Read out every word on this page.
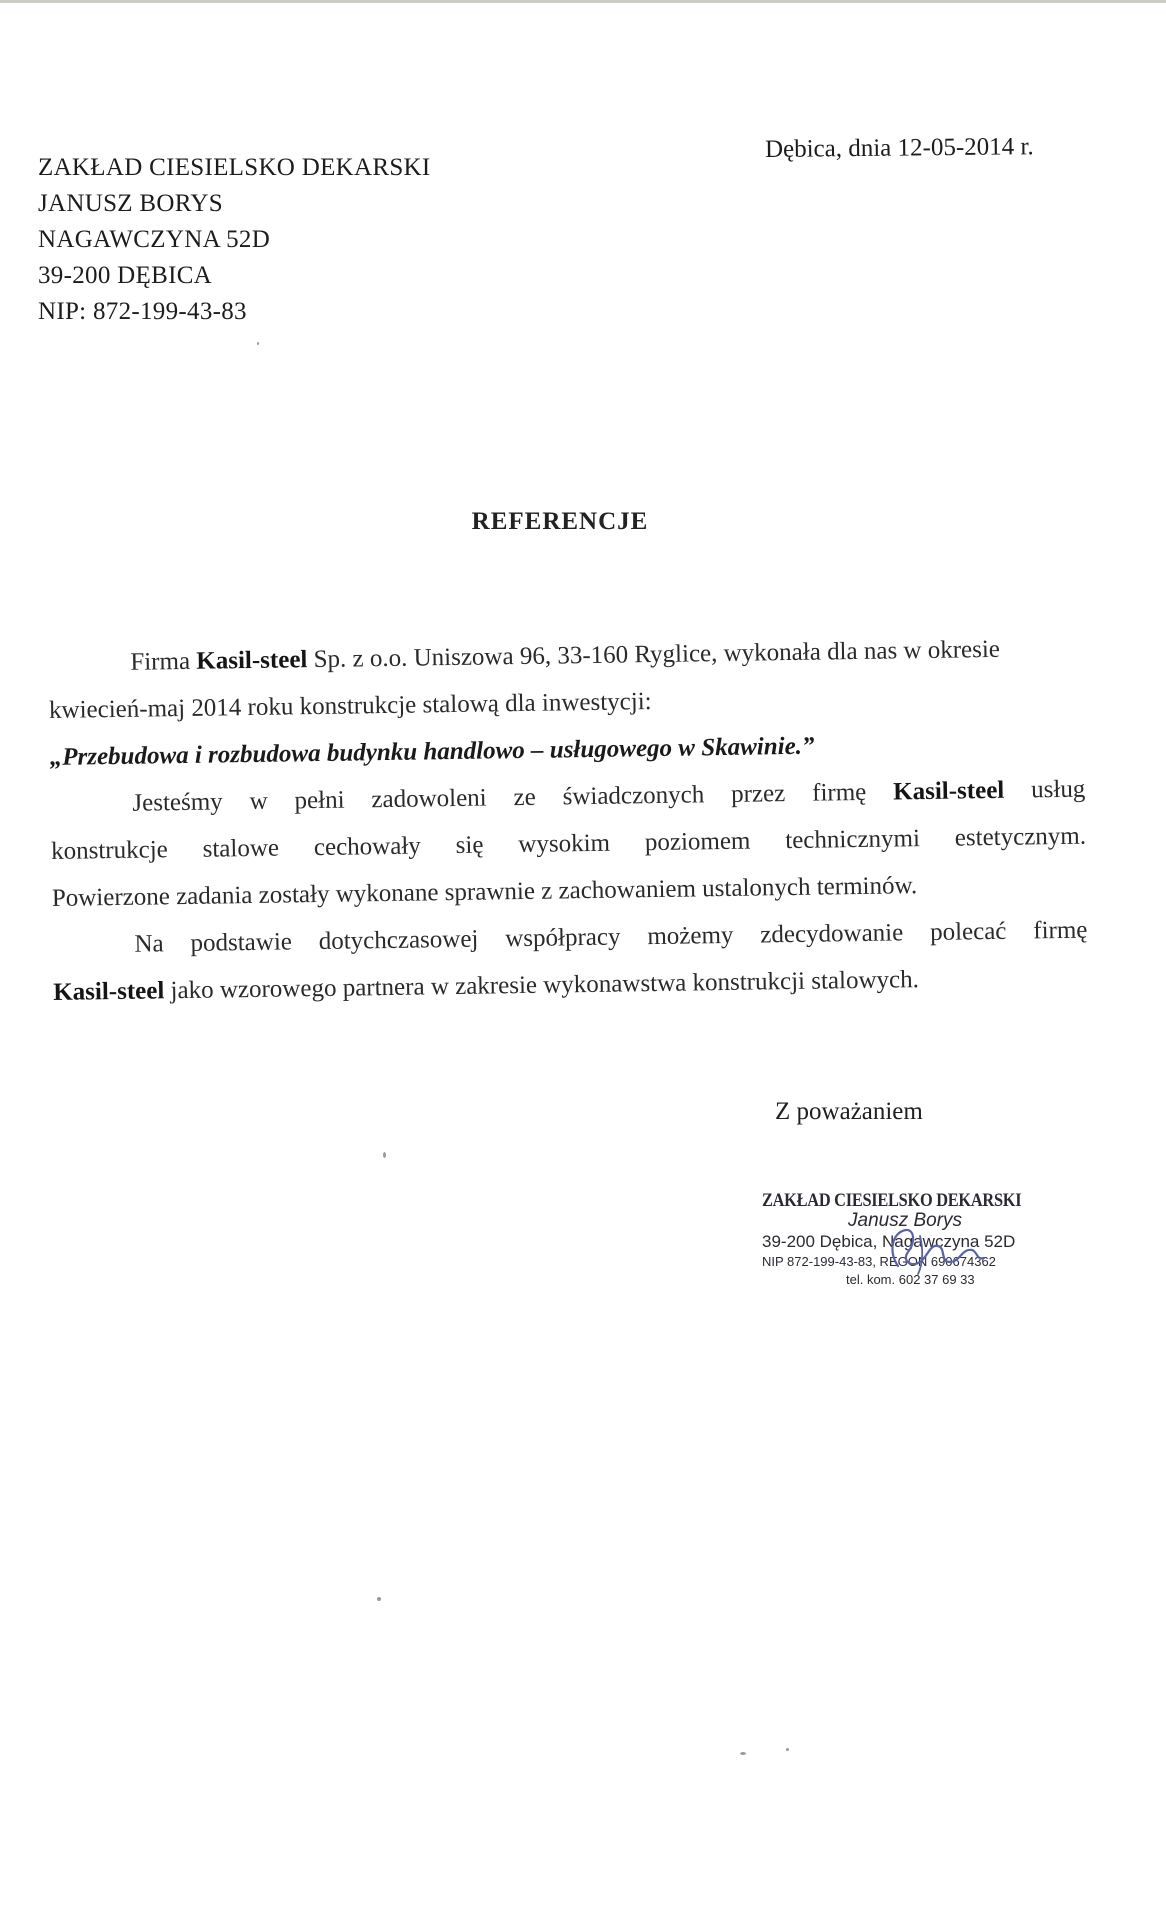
ZAKŁAD CIESIELSKO DEKARSKI
JANUSZ BORYS
NAGAWCZYNA 52D
39-200 DĘBICA
NIP: 872-199-43-83
Dębica, dnia 12-05-2014 r.
REFERENCJE
Firma Kasil-steel Sp. z o.o. Uniszowa 96, 33-160 Ryglice, wykonała dla nas w okresie
kwiecień-maj 2014 roku konstrukcje stalową dla inwestycji:
„Przebudowa i rozbudowa budynku handlowo – usługowego w Skawinie.”
Jesteśmy w pełni zadowoleni ze świadczonych przez firmę Kasil-steel usług
konstrukcje stalowe cechowały się wysokim poziomem technicznymi estetycznym.
Powierzone zadania zostały wykonane sprawnie z zachowaniem ustalonych terminów.
Na podstawie dotychczasowej współpracy możemy zdecydowanie polecać firmę
Kasil-steel jako wzorowego partnera w zakresie wykonawstwa konstrukcji stalowych.
Z poważaniem
ZAKŁAD CIESIELSKO DEKARSKI
Janusz Borys
39-200 Dębica, Nagawczyna 52D
NIP 872-199-43-83, REGON 690674362
tel. kom. 602 37 69 33
